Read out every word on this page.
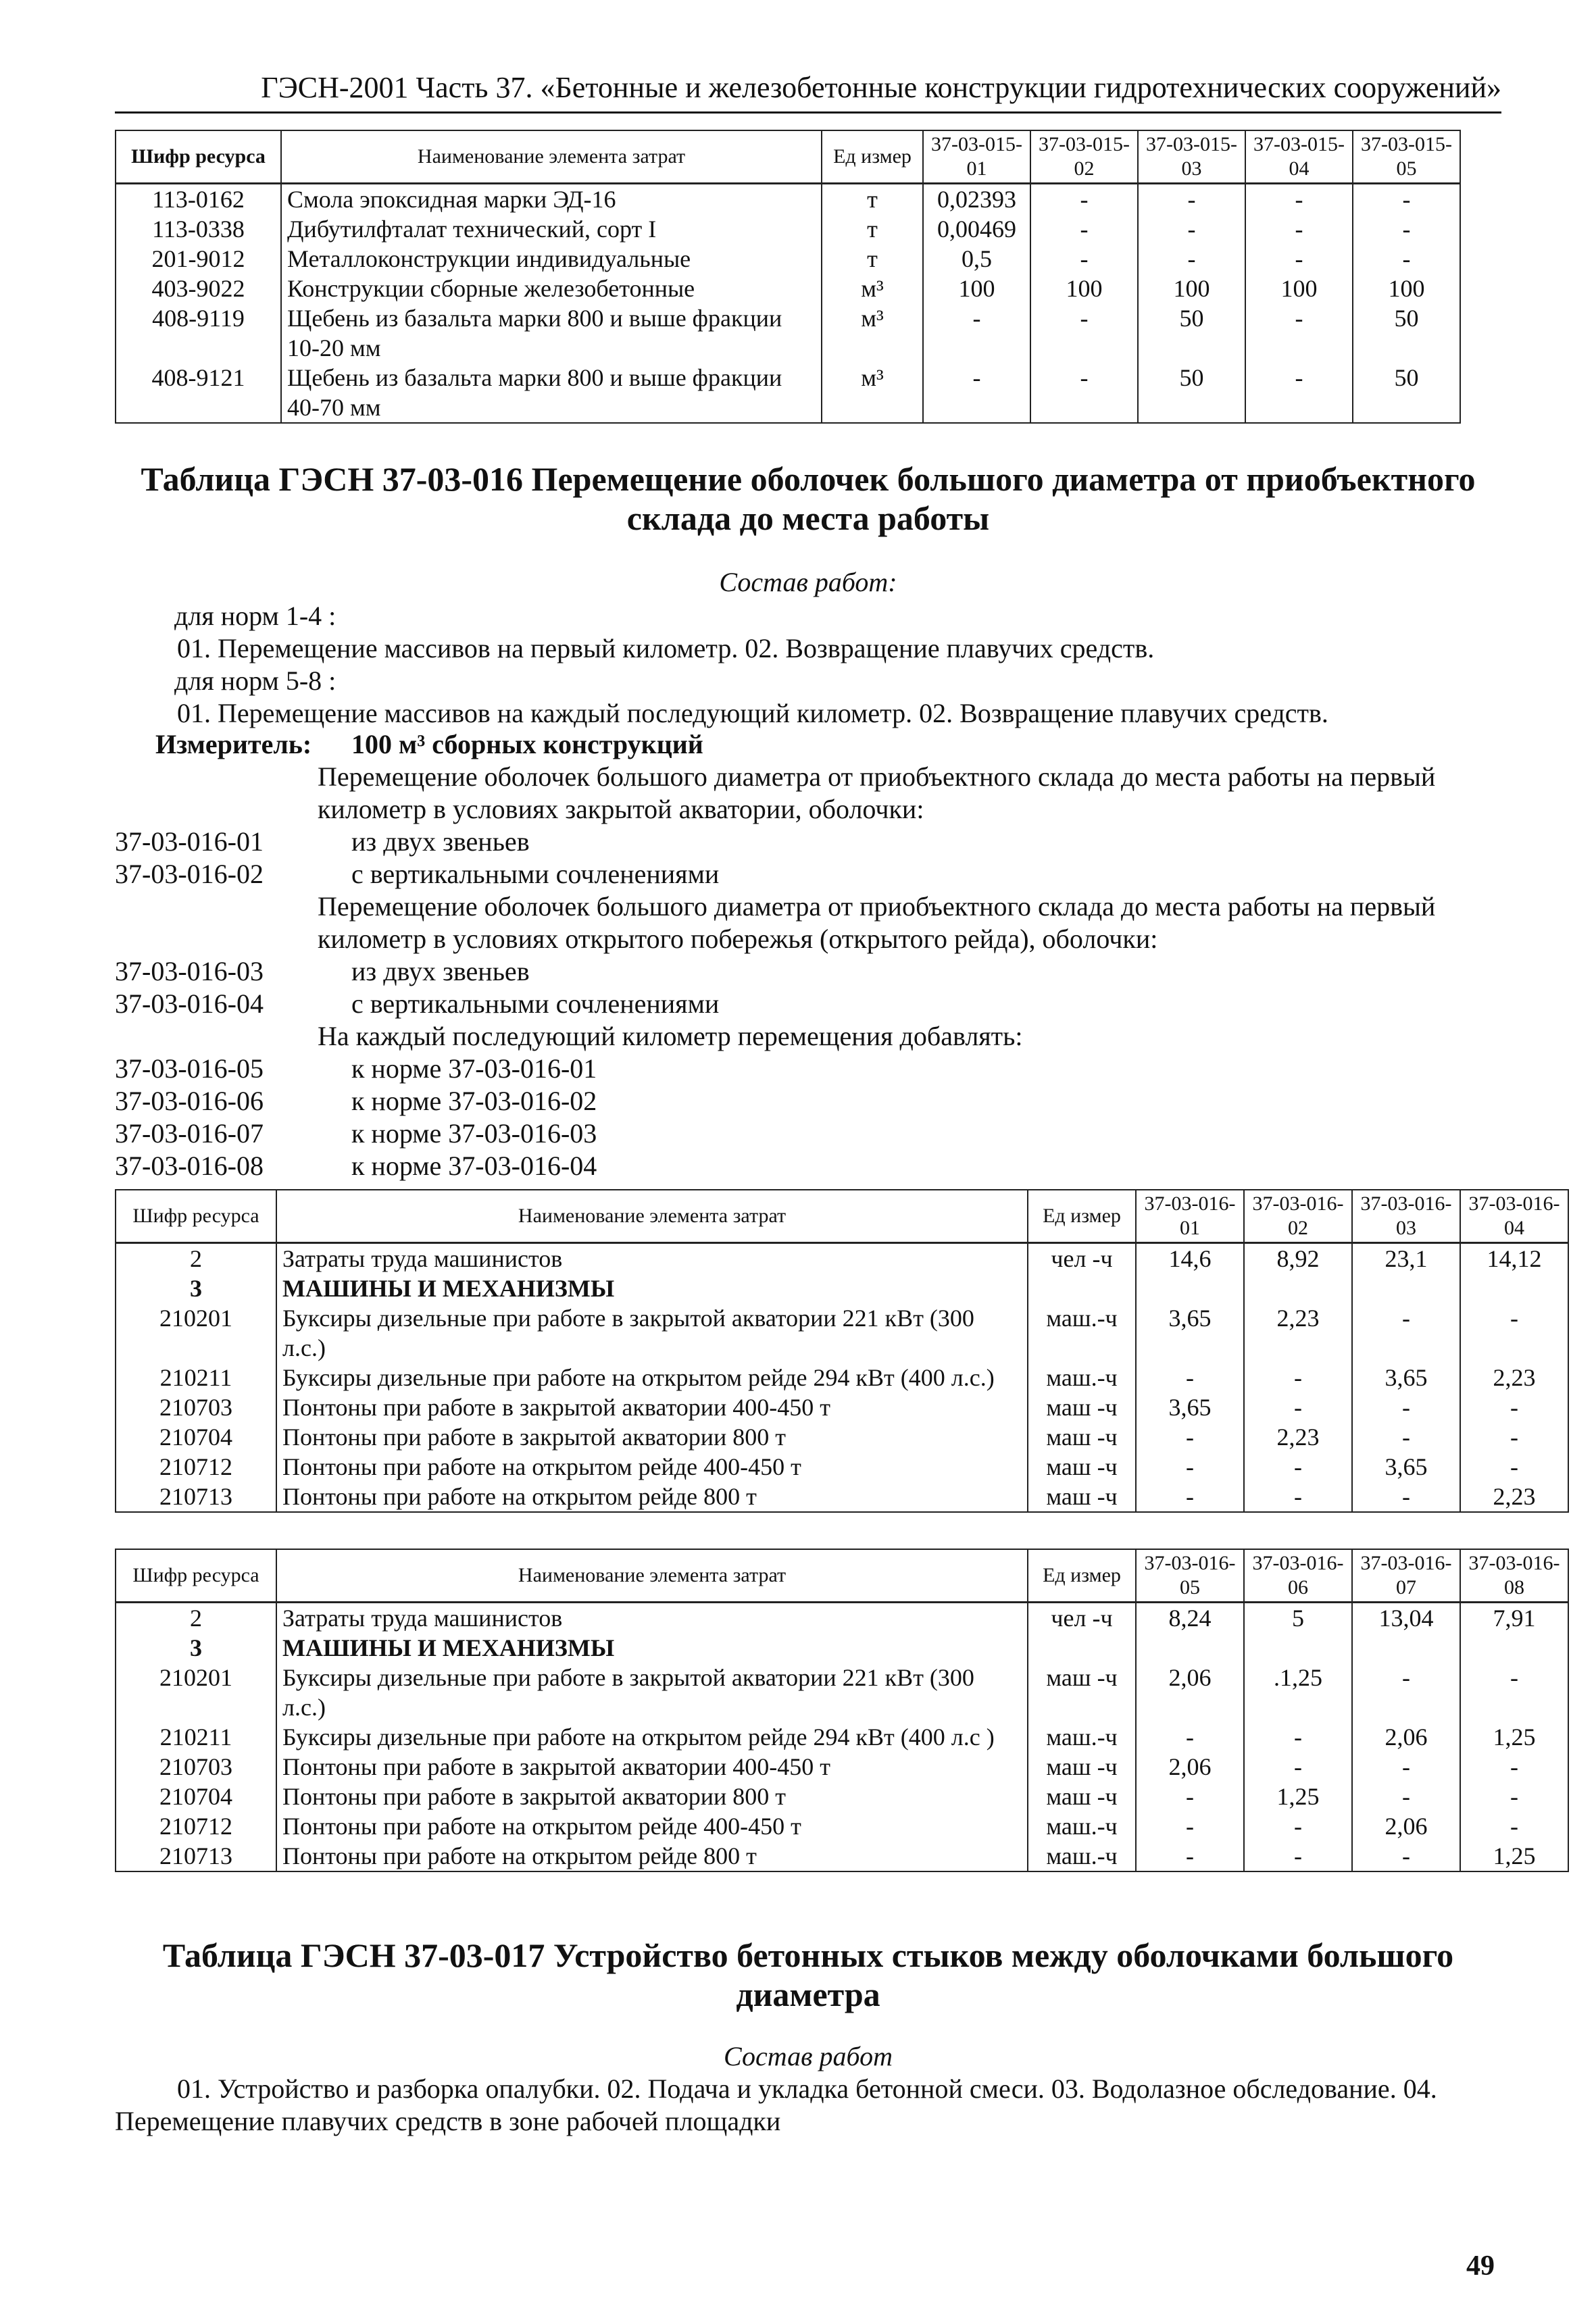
ГЭСН-2001 Часть 37. «Бетонные и железобетонные конструкции гидротехнических сооружений»
Шифр ресурса	Наименование элемента затрат	Ед измер	37-03-015-01	37-03-015-02	37-03-015-03	37-03-015-04	37-03-015-05
113-0162	Смола эпоксидная марки ЭД-16	т	0,02393	-	-	-	-
113-0338	Дибутилфталат технический, сорт I	т	0,00469	-	-	-	-
201-9012	Металлоконструкции индивидуальные	т	0,5	-	-	-	-
403-9022	Конструкции сборные железобетонные	м³	100	100	100	100	100
408-9119	Щебень из базальта марки 800 и выше фракции 10-20 мм	м³	-	-	50	-	50
408-9121	Щебень из базальта марки 800 и выше фракции 40-70 мм	м³	-	-	50	-	50
Таблица ГЭСН 37-03-016 Перемещение оболочек большого диаметра от приобъектного склада до места работы
Состав работ:
для норм 1-4 :
01. Перемещение массивов на первый километр. 02. Возвращение плавучих средств.
для норм 5-8 :
01. Перемещение массивов на каждый последующий километр. 02. Возвращение плавучих средств.
Измеритель: 100 м³ сборных конструкций
Перемещение оболочек большого диаметра от приобъектного склада до места работы на первый километр в условиях закрытой акватории, оболочки:
37-03-016-01	из двух звеньев
37-03-016-02	с вертикальными сочленениями
Перемещение оболочек большого диаметра от приобъектного склада до места работы на первый километр в условиях открытого побережья (открытого рейда), оболочки:
37-03-016-03	из двух звеньев
37-03-016-04	с вертикальными сочленениями
На каждый последующий километр перемещения добавлять:
37-03-016-05	к норме 37-03-016-01
37-03-016-06	к норме 37-03-016-02
37-03-016-07	к норме 37-03-016-03
37-03-016-08	к норме 37-03-016-04
Шифр ресурса	Наименование элемента затрат	Ед измер	37-03-016-01	37-03-016-02	37-03-016-03	37-03-016-04
2	Затраты труда машинистов	чел -ч	14,6	8,92	23,1	14,12
3	МАШИНЫ И МЕХАНИЗМЫ					
210201	Буксиры дизельные при работе в закрытой акватории 221 кВт (300 л.с.)	маш.-ч	3,65	2,23	-	-
210211	Буксиры дизельные при работе на открытом рейде 294 кВт (400 л.с.)	маш.-ч	-	-	3,65	2,23
210703	Понтоны при работе в закрытой акватории 400-450 т	маш -ч	3,65	-	-	-
210704	Понтоны при работе в закрытой акватории 800 т	маш -ч	-	2,23	-	-
210712	Понтоны при работе на открытом рейде 400-450 т	маш -ч	-	-	3,65	-
210713	Понтоны при работе на открытом рейде 800 т	маш -ч	-	-	-	2,23
Шифр ресурса	Наименование элемента затрат	Ед измер	37-03-016-05	37-03-016-06	37-03-016-07	37-03-016-08
2	Затраты труда машинистов	чел -ч	8,24	5	13,04	7,91
3	МАШИНЫ И МЕХАНИЗМЫ					
210201	Буксиры дизельные при работе в закрытой акватории 221 кВт (300 л.с.)	маш -ч	2,06	.1,25	-	-
210211	Буксиры дизельные при работе на открытом рейде 294 кВт (400 л.с )	маш.-ч	-	-	2,06	1,25
210703	Понтоны при работе в закрытой акватории 400-450 т	маш -ч	2,06	-	-	-
210704	Понтоны при работе в закрытой акватории 800 т	маш -ч	-	1,25	-	-
210712	Понтоны при работе на открытом рейде 400-450 т	маш.-ч	-	-	2,06	-
210713	Понтоны при работе на открытом рейде 800 т	маш.-ч	-	-	-	1,25
Таблица ГЭСН 37-03-017 Устройство бетонных стыков между оболочками большого диаметра
Состав работ
01. Устройство и разборка опалубки. 02. Подача и укладка бетонной смеси. 03. Водолазное обследование. 04. Перемещение плавучих средств в зоне рабочей площадки
49
